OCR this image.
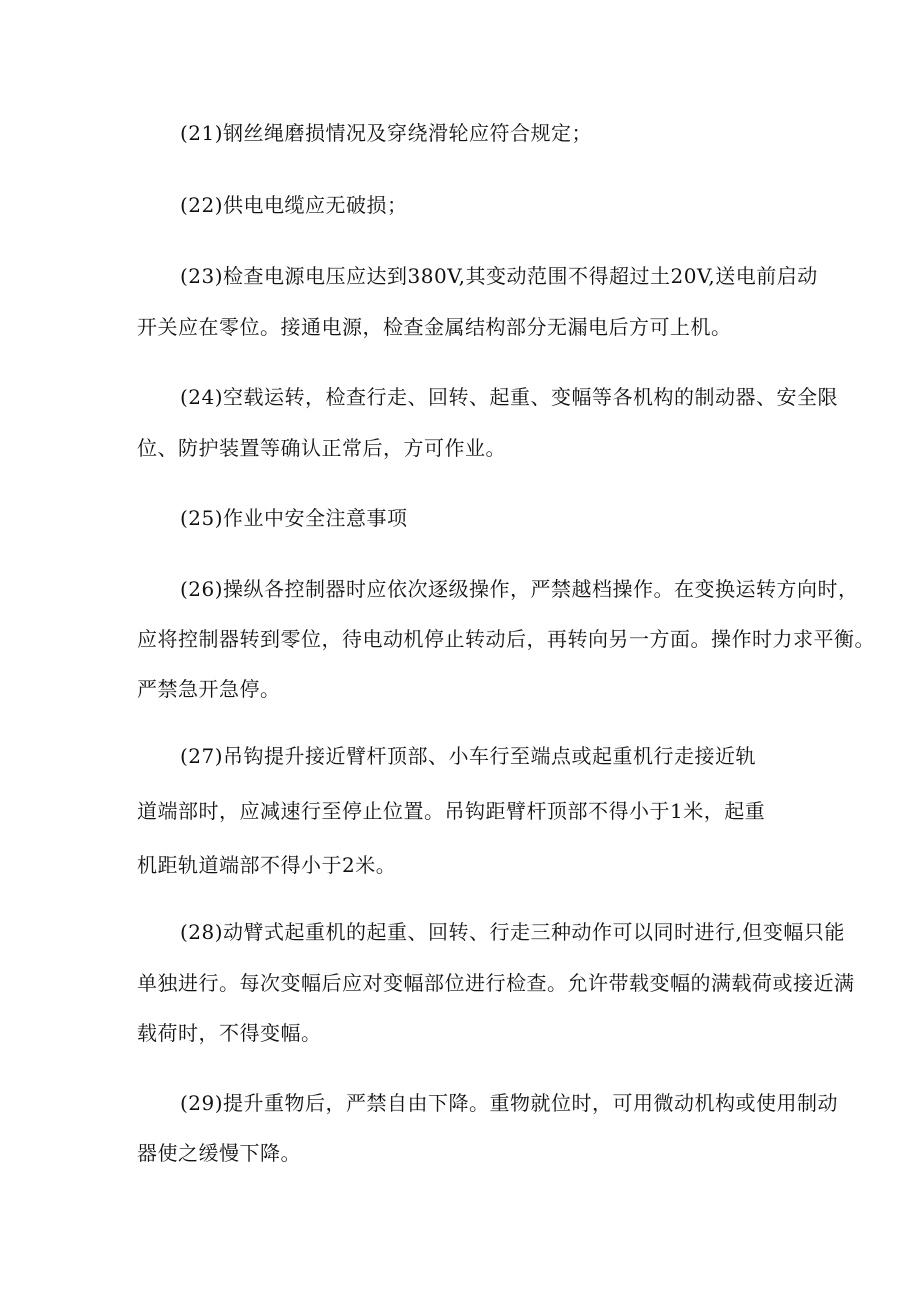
(21)钢丝绳磨损情况及穿绕滑轮应符合规定；
(22)供电电缆应无破损；
(23)检查电源电压应达到380V,其变动范围不得超过土20V,送电前启动
开关应在零位。接通电源，检查金属结构部分无漏电后方可上机。
(24)空载运转，检查行走、回转、起重、变幅等各机构的制动器、安全限
位、防护装置等确认正常后，方可作业。
(25)作业中安全注意事项
(26)操纵各控制器时应依次逐级操作，严禁越档操作。在变换运转方向时，
应将控制器转到零位，待电动机停止转动后，再转向另一方面。操作时力求平衡。
严禁急开急停。
(27)吊钩提升接近臂杆顶部、小车行至端点或起重机行走接近轨
道端部时，应减速行至停止位置。吊钩距臂杆顶部不得小于1米，起重
机距轨道端部不得小于2米。
(28)动臂式起重机的起重、回转、行走三种动作可以同时进行,但变幅只能
单独进行。每次变幅后应对变幅部位进行检查。允许带载变幅的满载荷或接近满
载荷时，不得变幅。
(29)提升重物后，严禁自由下降。重物就位时，可用微动机构或使用制动
器使之缓慢下降。
